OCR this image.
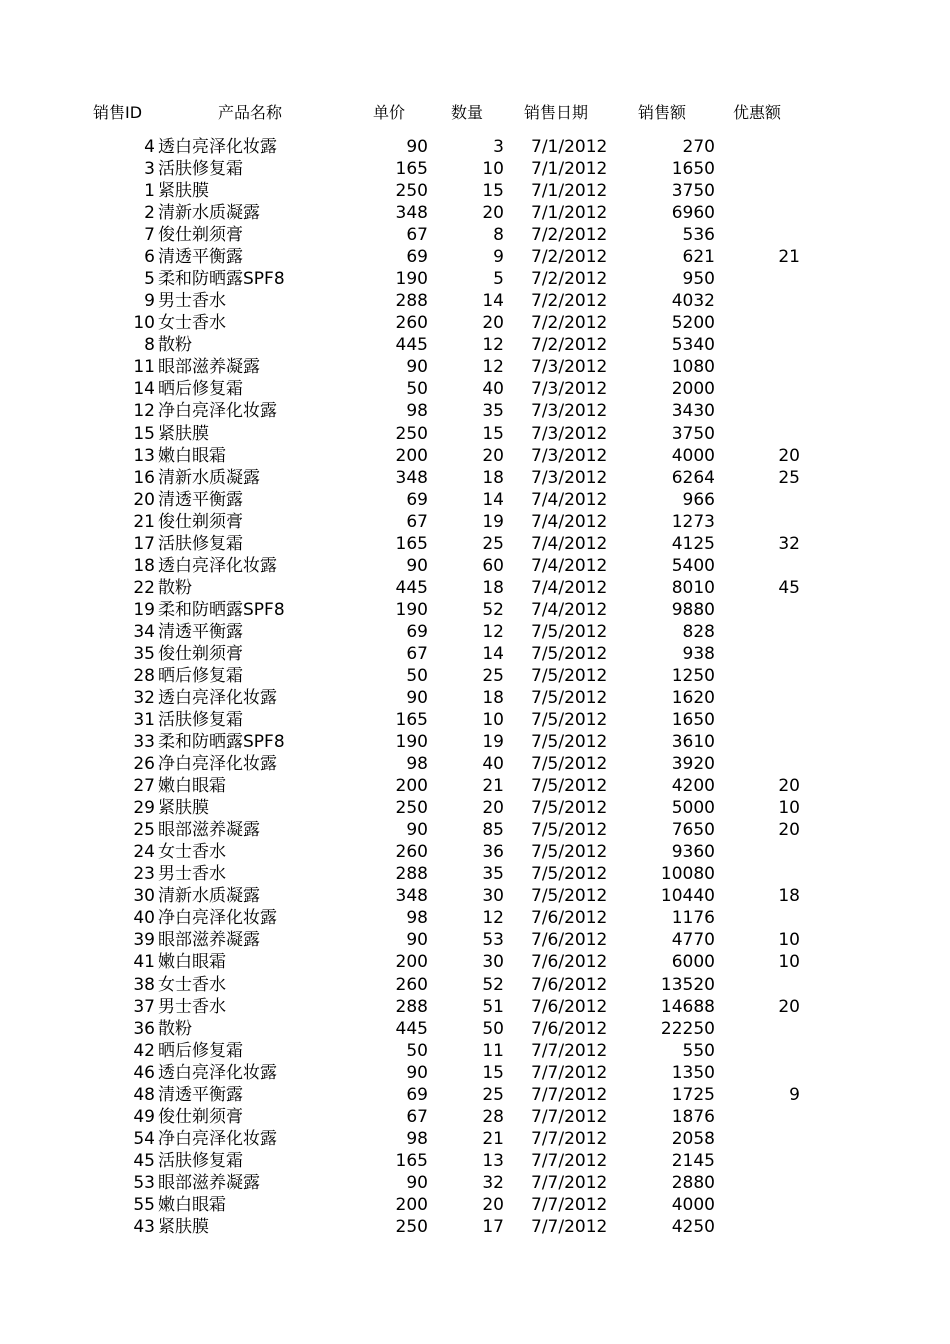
销售ID	产品名称	单价	数量	销售日期	销售额	优惠额
4 透白亮泽化妆露	90	3 7/1/2012	270
3 活肤修复霜	165	10 7/1/2012	1650
1 紧肤膜	250	15 7/1/2012	3750
2 清新水质凝露	348	20 7/1/2012	6960
7 俊仕剃须膏	67	8 7/2/2012	536
6 清透平衡露	69	9 7/2/2012	621	21
5 柔和防晒露SPF8	190	5 7/2/2012	950
9 男士香水	288	14 7/2/2012	4032
10 女士香水	260	20 7/2/2012	5200
8 散粉	445	12 7/2/2012	5340
11 眼部滋养凝露	90	12 7/3/2012	1080
14 晒后修复霜	50	40 7/3/2012	2000
12 净白亮泽化妆露	98	35 7/3/2012	3430
15 紧肤膜	250	15 7/3/2012	3750
13 嫩白眼霜	200	20 7/3/2012	4000	20
16 清新水质凝露	348	18 7/3/2012	6264	25
20 清透平衡露	69	14 7/4/2012	966
21 俊仕剃须膏	67	19 7/4/2012	1273
17 活肤修复霜	165	25 7/4/2012	4125	32
18 透白亮泽化妆露	90	60 7/4/2012	5400
22 散粉	445	18 7/4/2012	8010	45
19 柔和防晒露SPF8	190	52 7/4/2012	9880
34 清透平衡露	69	12 7/5/2012	828
35 俊仕剃须膏	67	14 7/5/2012	938
28 晒后修复霜	50	25 7/5/2012	1250
32 透白亮泽化妆露	90	18 7/5/2012	1620
31 活肤修复霜	165	10 7/5/2012	1650
33 柔和防晒露SPF8	190	19 7/5/2012	3610
26 净白亮泽化妆露	98	40 7/5/2012	3920
27 嫩白眼霜	200	21 7/5/2012	4200	20
29 紧肤膜	250	20 7/5/2012	5000	10
25 眼部滋养凝露	90	85 7/5/2012	7650	20
24 女士香水	260	36 7/5/2012	9360
23 男士香水	288	35 7/5/2012	10080
30 清新水质凝露	348	30 7/5/2012	10440	18
40 净白亮泽化妆露	98	12 7/6/2012	1176
39 眼部滋养凝露	90	53 7/6/2012	4770	10
41 嫩白眼霜	200	30 7/6/2012	6000	10
38 女士香水	260	52 7/6/2012	13520
37 男士香水	288	51 7/6/2012	14688	20
36 散粉	445	50 7/6/2012	22250
42 晒后修复霜	50	11 7/7/2012	550
46 透白亮泽化妆露	90	15 7/7/2012	1350
48 清透平衡露	69	25 7/7/2012	1725	9
49 俊仕剃须膏	67	28 7/7/2012	1876
54 净白亮泽化妆露	98	21 7/7/2012	2058
45 活肤修复霜	165	13 7/7/2012	2145
53 眼部滋养凝露	90	32 7/7/2012	2880
55 嫩白眼霜	200	20 7/7/2012	4000
43 紧肤膜	250	17 7/7/2012	4250
